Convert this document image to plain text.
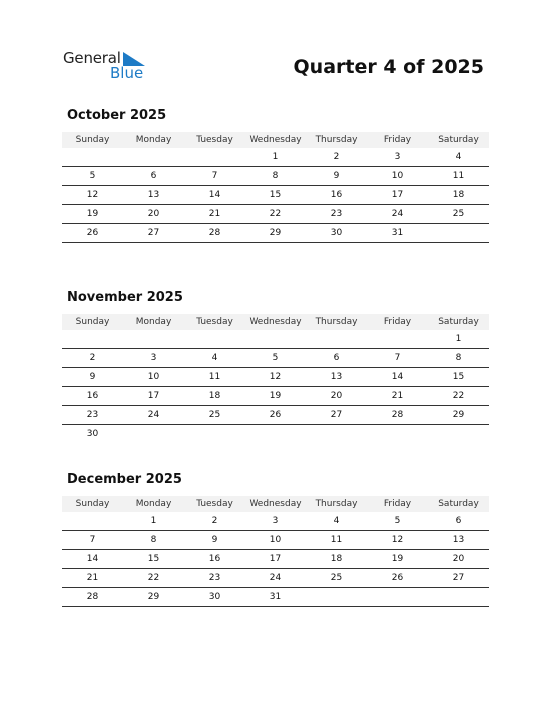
General
Blue	Quarter 4 of 2025
October 2025
Sunday	Monday	Tuesday	Wednesday	Thursday	Friday	Saturday
			1	2	3	4
5	6	7	8	9	10	11
12	13	14	15	16	17	18
19	20	21	22	23	24	25
26	27	28	29	30	31	
November 2025
Sunday	Monday	Tuesday	Wednesday	Thursday	Friday	Saturday
						1
2	3	4	5	6	7	8
9	10	11	12	13	14	15
16	17	18	19	20	21	22
23	24	25	26	27	28	29
30						
December 2025
Sunday	Monday	Tuesday	Wednesday	Thursday	Friday	Saturday
	1	2	3	4	5	6
7	8	9	10	11	12	13
14	15	16	17	18	19	20
21	22	23	24	25	26	27
28	29	30	31			
